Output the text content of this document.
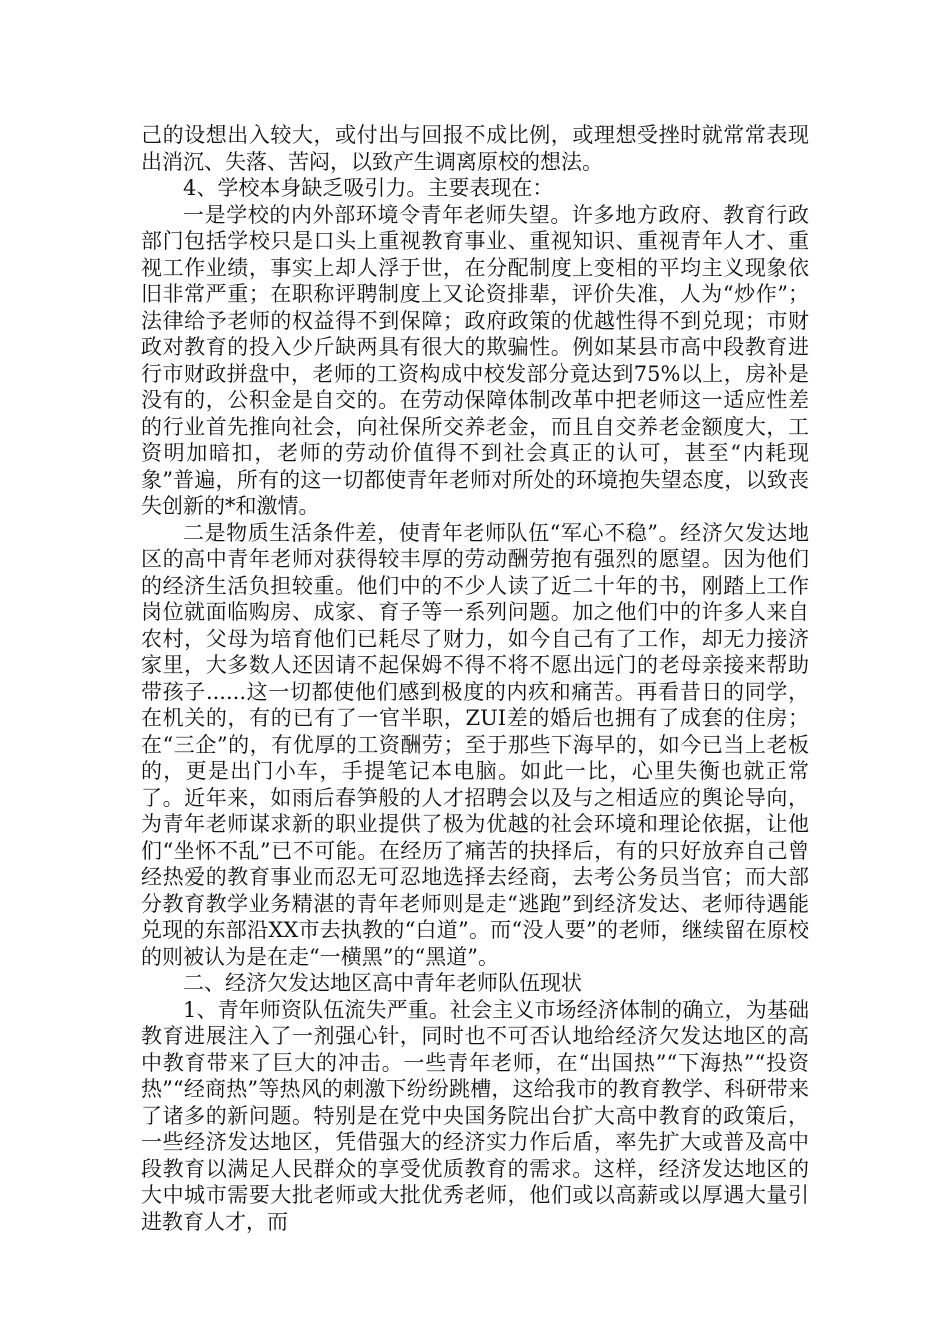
己的设想出入较大，或付出与回报不成比例，或理想受挫时就常常表现出消沉、失落、苦闷，以致产生调离原校的想法。

4、学校本身缺乏吸引力。主要表现在：

一是学校的内外部环境令青年老师失望。许多地方政府、教育行政部门包括学校只是口头上重视教育事业、重视知识、重视青年人才、重视工作业绩，事实上却人浮于世，在分配制度上变相的平均主义现象依旧非常严重；在职称评聘制度上又论资排辈，评价失准，人为“炒作”；法律给予老师的权益得不到保障；政府政策的优越性得不到兑现；市财政对教育的投入少斤缺两具有很大的欺骗性。例如某县市高中段教育进行市财政拼盘中，老师的工资构成中校发部分竟达到75%以上，房补是没有的，公积金是自交的。在劳动保障体制改革中把老师这一适应性差的行业首先推向社会，向社保所交养老金，而且自交养老金额度大，工资明加暗扣，老师的劳动价值得不到社会真正的认可，甚至“内耗现象”普遍，所有的这一切都使青年老师对所处的环境抱失望态度，以致丧失创新的*和激情。

二是物质生活条件差，使青年老师队伍“军心不稳”。经济欠发达地区的高中青年老师对获得较丰厚的劳动酬劳抱有强烈的愿望。因为他们的经济生活负担较重。他们中的不少人读了近二十年的书，刚踏上工作岗位就面临购房、成家、育子等一系列问题。加之他们中的许多人来自农村，父母为培育他们已耗尽了财力，如今自己有了工作，却无力接济家里，大多数人还因请不起保姆不得不将不愿出远门的老母亲接来帮助带孩子......这一切都使他们感到极度的内疚和痛苦。再看昔日的同学，在机关的，有的已有了一官半职，ZUI差的婚后也拥有了成套的住房；在“三企”的，有优厚的工资酬劳；至于那些下海早的，如今已当上老板的，更是出门小车，手提笔记本电脑。如此一比，心里失衡也就正常了。近年来，如雨后春笋般的人才招聘会以及与之相适应的舆论导向，为青年老师谋求新的职业提供了极为优越的社会环境和理论依据，让他们“坐怀不乱”已不可能。在经历了痛苦的抉择后，有的只好放弃自己曾经热爱的教育事业而忍无可忍地选择去经商，去考公务员当官；而大部分教育教学业务精湛的青年老师则是走“逃跑”到经济发达、老师待遇能兑现的东部沿XX市去执教的“白道”。而“没人要”的老师，继续留在原校的则被认为是在走“一横黑”的“黑道”。

二、经济欠发达地区高中青年老师队伍现状

1、青年师资队伍流失严重。社会主义市场经济体制的确立，为基础教育进展注入了一剂强心针，同时也不可否认地给经济欠发达地区的高中教育带来了巨大的冲击。一些青年老师，在“出国热”“下海热”“投资热”“经商热”等热风的刺激下纷纷跳槽，这给我市的教育教学、科研带来了诸多的新问题。特别是在党中央国务院出台扩大高中教育的政策后，一些经济发达地区，凭借强大的经济实力作后盾，率先扩大或普及高中段教育以满足人民群众的享受优质教育的需求。这样，经济发达地区的大中城市需要大批老师或大批优秀老师，他们或以高薪或以厚遇大量引进教育人才，而
